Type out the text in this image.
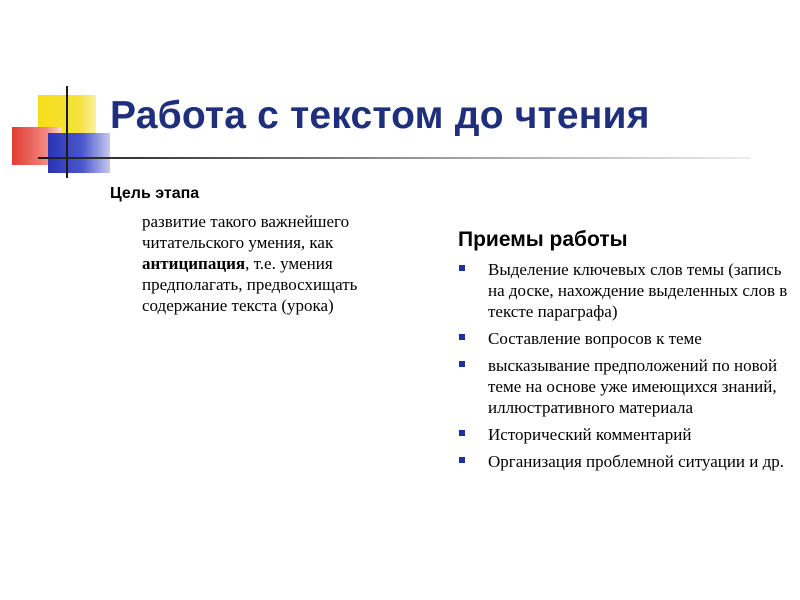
Работа с текстом до чтения
Цель этапа
развитие такого важнейшего читательского умения, как антиципация, т.е. умения предполагать, предвосхищать содержание текста (урока)
Приемы работы
Выделение ключевых слов темы (запись на доске, нахождение выделенных слов в тексте параграфа)
Составление вопросов к теме
высказывание предположений по новой теме на основе уже имеющихся знаний, иллюстративного материала
Исторический комментарий
Организация проблемной ситуации и др.
